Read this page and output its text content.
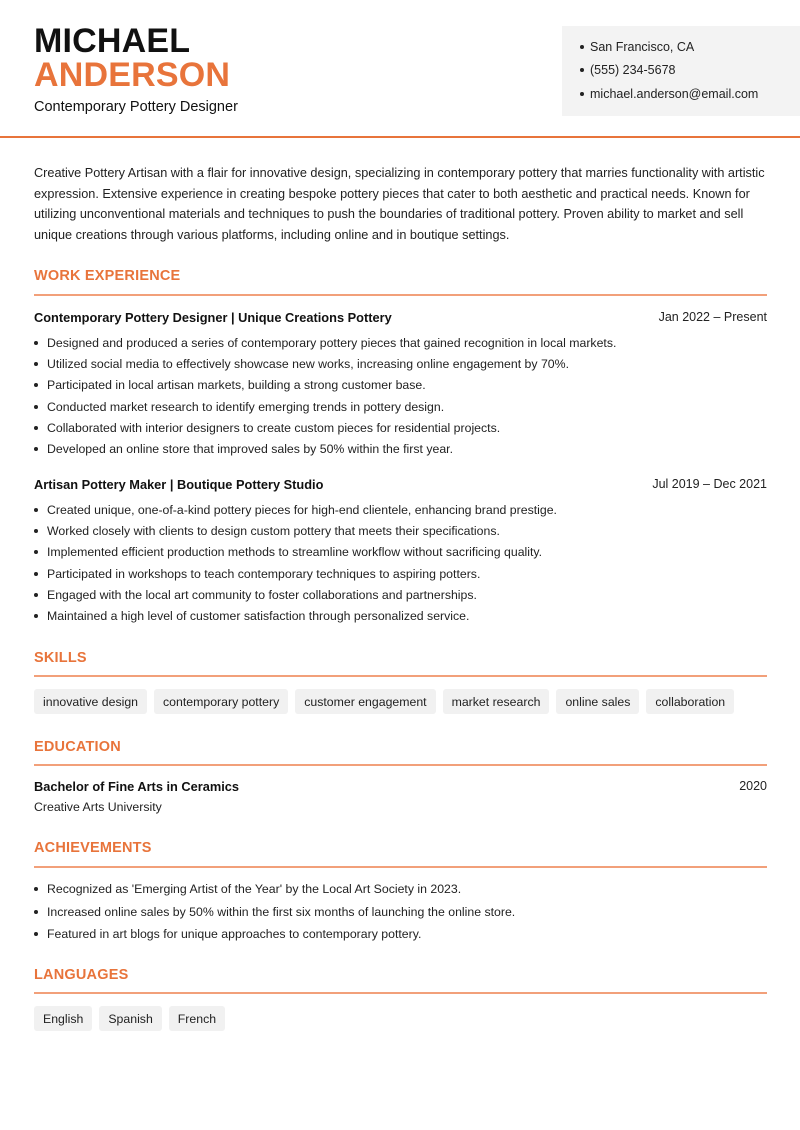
MICHAEL
ANDERSON
Contemporary Pottery Designer
San Francisco, CA
(555) 234-5678
michael.anderson@email.com

Creative Pottery Artisan with a flair for innovative design, specializing in contemporary pottery that marries functionality with artistic expression. Extensive experience in creating bespoke pottery pieces that cater to both aesthetic and practical needs. Known for utilizing unconventional materials and techniques to push the boundaries of traditional pottery. Proven ability to market and sell unique creations through various platforms, including online and in boutique settings.

WORK EXPERIENCE
Contemporary Pottery Designer | Unique Creations Pottery	Jan 2022 – Present
Designed and produced a series of contemporary pottery pieces that gained recognition in local markets.
Utilized social media to effectively showcase new works, increasing online engagement by 70%.
Participated in local artisan markets, building a strong customer base.
Conducted market research to identify emerging trends in pottery design.
Collaborated with interior designers to create custom pieces for residential projects.
Developed an online store that improved sales by 50% within the first year.
Artisan Pottery Maker | Boutique Pottery Studio	Jul 2019 – Dec 2021
Created unique, one-of-a-kind pottery pieces for high-end clientele, enhancing brand prestige.
Worked closely with clients to design custom pottery that meets their specifications.
Implemented efficient production methods to streamline workflow without sacrificing quality.
Participated in workshops to teach contemporary techniques to aspiring potters.
Engaged with the local art community to foster collaborations and partnerships.
Maintained a high level of customer satisfaction through personalized service.
SKILLS
innovative design	contemporary pottery	customer engagement	market research	online sales	collaboration
EDUCATION
Bachelor of Fine Arts in Ceramics	2020
Creative Arts University
ACHIEVEMENTS
Recognized as 'Emerging Artist of the Year' by the Local Art Society in 2023.
Increased online sales by 50% within the first six months of launching the online store.
Featured in art blogs for unique approaches to contemporary pottery.
LANGUAGES
English	Spanish	French
